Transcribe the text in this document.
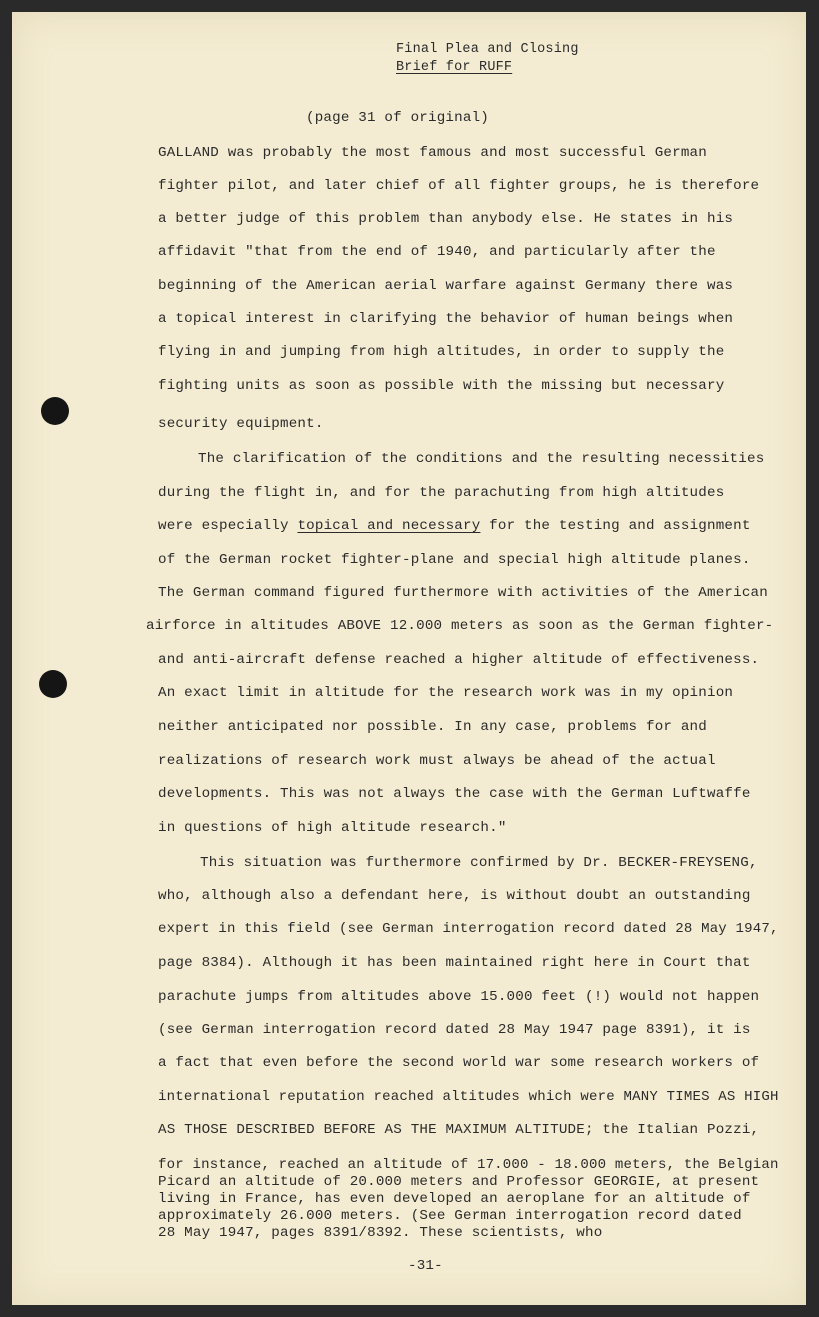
Final Plea and Closing
Brief for RUFF
(page 31 of original)
GALLAND was probably the most famous and most successful German
fighter pilot, and later chief of all fighter groups, he is therefore
a better judge of this problem than anybody else. He states in his
affidavit "that from the end of 1940, and particularly after the
beginning of the American aerial warfare against Germany there was
a topical interest in clarifying the behavior of human beings when
flying in and jumping from high altitudes, in order to supply the
fighting units as soon as possible with the missing but necessary
security equipment.
The clarification of the conditions and the resulting necessities
during the flight in, and for the parachuting from high altitudes
were especially topical and necessary for the testing and assignment
of the German rocket fighter-plane and special high altitude planes.
The German command figured furthermore with activities of the American
airforce in altitudes ABOVE 12.000 meters as soon as the German fighter-
and anti-aircraft defense reached a higher altitude of effectiveness.
An exact limit in altitude for the research work was in my opinion
neither anticipated nor possible. In any case, problems for and
realizations of research work must always be ahead of the actual
developments. This was not always the case with the German Luftwaffe
in questions of high altitude research."
This situation was furthermore confirmed by Dr. BECKER-FREYSENG,
who, although also a defendant here, is without doubt an outstanding
expert in this field (see German interrogation record dated 28 May 1947,
page 8384). Although it has been maintained right here in Court that
parachute jumps from altitudes above 15.000 feet (!) would not happen
(see German interrogation record dated 28 May 1947 page 8391), it is
a fact that even before the second world war some research workers of
international reputation reached altitudes which were MANY TIMES AS HIGH
AS THOSE DESCRIBED BEFORE AS THE MAXIMUM ALTITUDE; the Italian Pozzi,
for instance, reached an altitude of 17.000 - 18.000 meters, the Belgian
Picard an altitude of 20.000 meters and Professor GEORGIE, at present
living in France, has even developed an aeroplane for an altitude of
approximately 26.000 meters. (See German interrogation record dated
28 May 1947, pages 8391/8392. These scientists, who
-31-
